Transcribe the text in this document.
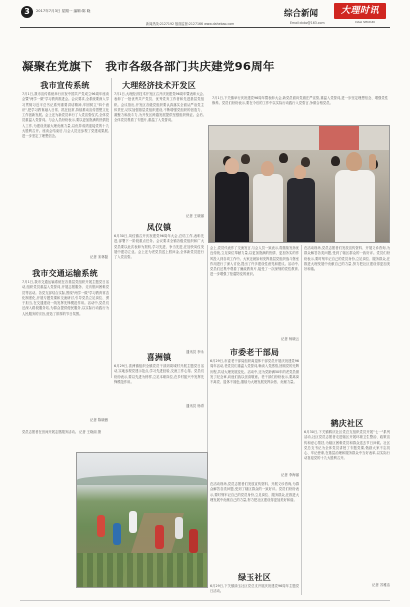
3	2017年7月3日 星期一 编辑:陈 晓
新闻热线:2127192 版面监督:2127166 www.dahebao.com	Email:dxbz@163.com
综合新闻	大理时讯
DALI SHIXUN
凝聚在党旗下   我市各级各部门共庆建党96周年
7月1日,下关镇举行庆祝建党96周年暨表彰大会,新党员面向党旗庄严宣誓,重温入党誓词,进一步坚定理想信念、增强党性修养。党员们纷纷表示,要在今后的工作中以实际行动践行入党誓言,争做合格党员。
我市宣传系统
7月1日,我市宣传系统举行庆祝中国共产党成立96周年座谈会暨"两学一做"学习教育推进会。会议要求,全系统要深入学习贯彻习近平总书记系列重要讲话精神,牢固树立"四个意识",把学习教育融入日常、抓在经常,持续推动宣传思想文化工作创新发展。会上还为新党员举行了入党宣誓仪式,全体党员重温入党誓词。与会人员纷纷表示,要以更加饱满的热情投入工作,为建设美丽大理贡献力量,以优异成绩迎接党的十九大胜利召开。座谈会结束后,与会人员还参观了党建成果展,进一步坚定了理想信念。
记者 宋林磊
我市交通运输系统
7月1日,我市交通运输系统在各基层党组织开展主题党日活动,组织党员重温入党誓词,开展志愿服务、走访慰问困难党员等活动。各党支部结合实际,围绕"两学一做"学习教育常态化制度化,开展专题党课和交流研讨,引导党员立足岗位、勇于担当,在交通建设一线发挥先锋模范作用。活动中,党员们还深入路段服务站,为群众提供便民服务,以实际行动践行为人民服务的宗旨,营造了浓厚的节日氛围。
记者 陈晓薇
大理经济技术开发区
7月1日,大理经济技术开发区召开庆祝建党96周年暨表彰大会,表彰了一批优秀共产党员、优秀党务工作者和先进基层党组织。会议指出,开发区各级党组织要认真落实全面从严治党主体责任,切实加强基层党组织建设,不断增强党组织的创造力、凝聚力和战斗力,为开发区跨越发展提供坚强组织保证。会后,全体党员观看了专题片,重温了入党誓词。
记者 王晓丽
凤仪镇
6月30日,凤仪镇召开庆祝建党96周年大会,总结工作,表彰先进,部署下一阶段重点任务。会议要求全镇各级党组织和广大党员要以此次表彰为契机,学习先进、争当先进,在加快凤仪发展中建功立业。会上还为老党员送上慰问金,全体新党员进行了入党宣誓。
通讯员 李永
喜洲镇
6月29日,喜洲镇组织全镇党员干部到周城村开展主题党日活动,实地参观党建示范点,学习先进经验,交流工作心得。党员们纷纷表示,要以先进为榜样,立足本职岗位,在乡村振兴中发挥先锋模范作用。
通讯员 杨青
党员志愿者在田间开展志愿服务活动。 记者 王晓丽 摄
会上,党员代表作了交流发言,与会人员一致表示,将继续发扬优良传统,立足岗位奉献力量,以更加饱满的热情、更加务实的作风投入到各项工作中。大家还就如何发挥基层党组织战斗堡垒作用进行了深入讨论,提出了许多建设性意见和建议。活动中,党员们还集中观看了廉政教育片,接受了一次深刻的党性教育,进一步增强了拒腐防变的意识。
记者 杨晓云
市委老干部局
6月29日,市委老干部局组织离退休干部党员开展庆祝建党96周年活动,老党员们重温入党誓词,畅谈入党感悟,回顾党的光辉历程,共话大理发展变化。活动中,还为党龄满50年的老党员颁发了纪念章,向他们致以崇高敬意。老干部们纷纷表示,要离岗不离党、退休不褪色,继续为大理发展发挥余热、贡献力量。
记者 李海丽
在活动现场,党员志愿者们发放宣传资料、开展义诊咨询,为群众解答各类问题,受到了辖区群众的一致好评。党员们纷纷表示,要时刻牢记自己的党员身份,立足岗位、服务群众,在推进大理发展中贡献自己的力量,努力把社区建设得更加美好和谐。
绿玉社区
6月29日,下关镇绿玉社区党总支开展庆祝建党96周年主题党日活动。
在活动现场,党员志愿者们发放宣传资料、开展义诊咨询,为群众解答各类问题,受到了辖区群众的一致好评。党员们纷纷表示,要时刻牢记自己的党员身份,立足岗位、服务群众,在推进大理发展中贡献自己的力量,努力把社区建设得更加美好和谐。
鹤庆社区
6月30日,下关镇鹤庆社区党总支组织党员开展"七一"系列活动,社区党员志愿者走进辖区开展环境卫生整治、政策宣传和爱心帮扶,为辖区困难党员和群众送去节日问候。社区党总支书记为全体党员讲授了专题党课,勉励大家不忘初心、牢记使命,在基层治理和服务群众中当好表率,以实际行动喜迎党的十九大胜利召开。
记者 苏雅洁
